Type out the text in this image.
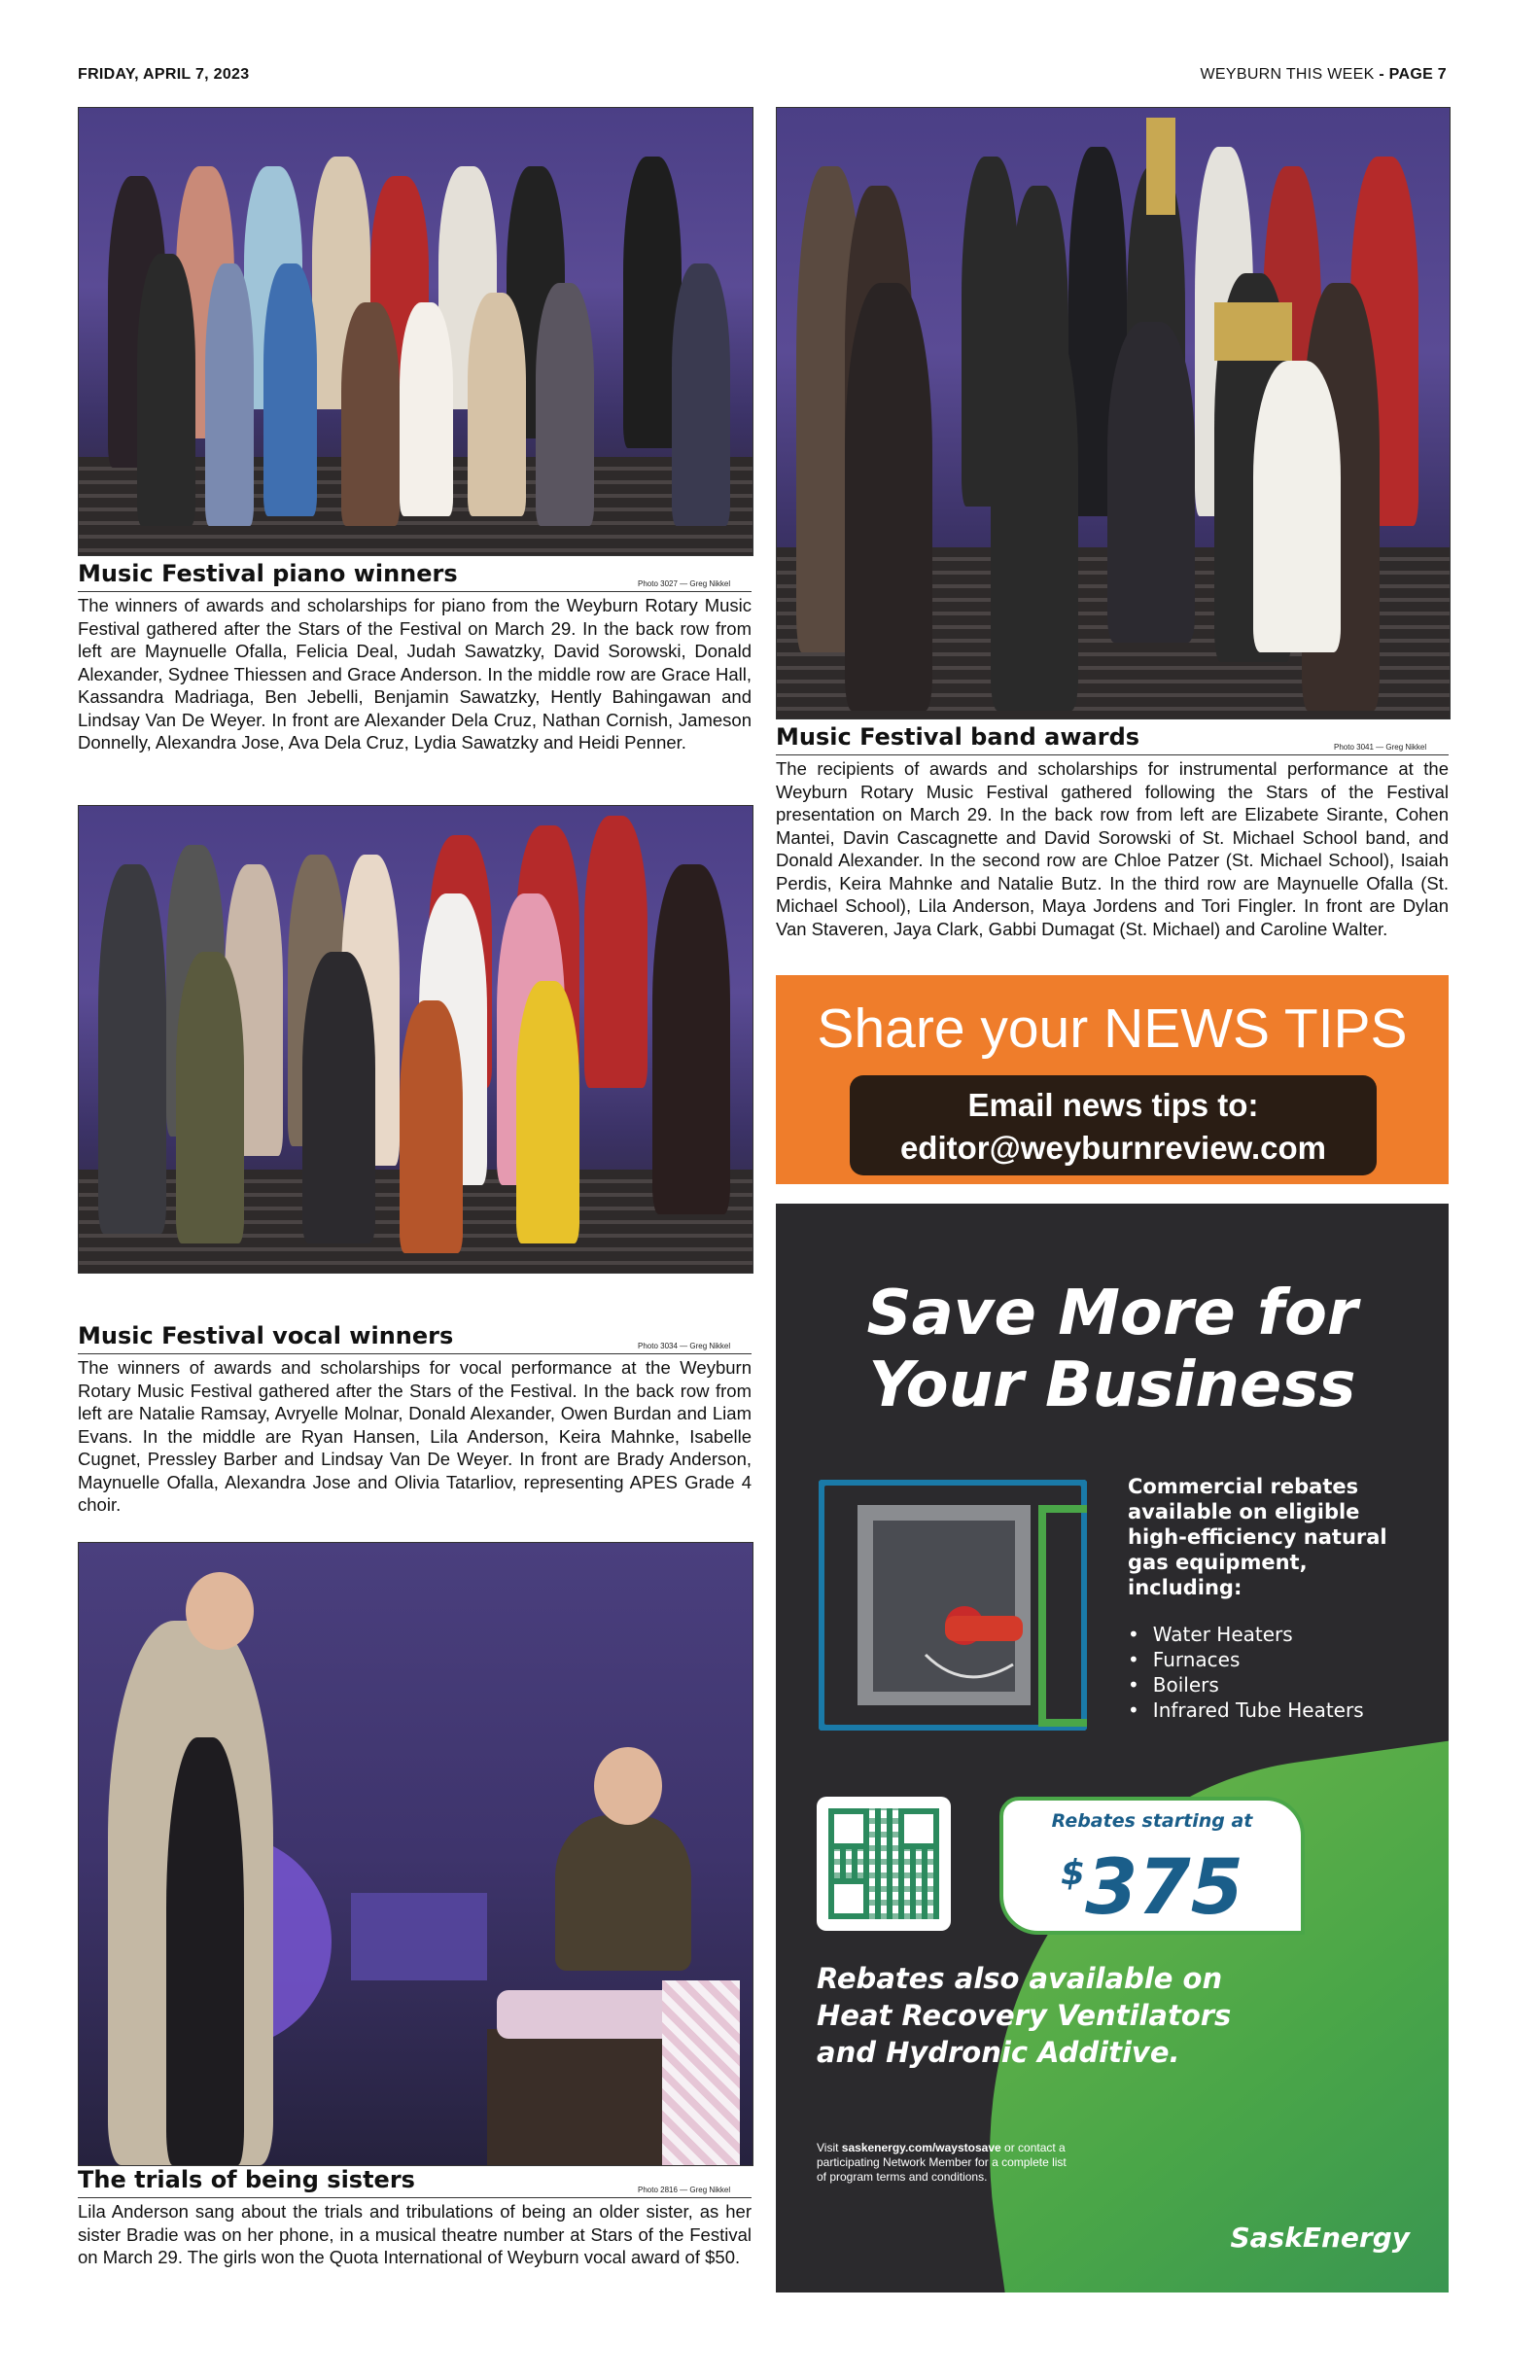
FRIDAY, APRIL 7, 2023	WEYBURN THIS WEEK - PAGE 7
Music Festival piano winners	Photo 3027 — Greg Nikkel
The winners of awards and scholarships for piano from the Weyburn Rotary Music Festival gathered after the Stars of the Festival on March 29. In the back row from left are Maynuelle Ofalla, Felicia Deal, Judah Sawatzky, David Sorowski, Donald Alexander, Sydnee Thiessen and Grace Anderson. In the middle row are Grace Hall, Kassandra Madriaga, Ben Jebelli, Benjamin Sawatzky, Hently Bahingawan and Lindsay Van De Weyer. In front are Alexander Dela Cruz, Nathan Cornish, Jameson Donnelly, Alexandra Jose, Ava Dela Cruz, Lydia Sawatzky and Heidi Penner.
Music Festival vocal winners	Photo 3034 — Greg Nikkel
The winners of awards and scholarships for vocal performance at the Weyburn Rotary Music Festival gathered after the Stars of the Festival. In the back row from left are Natalie Ramsay, Avryelle Molnar, Donald Alexander, Owen Burdan and Liam Evans. In the middle are Ryan Hansen, Lila Anderson, Keira Mahnke, Isabelle Cugnet, Pressley Barber and Lindsay Van De Weyer. In front are Brady Anderson, Maynuelle Ofalla, Alexandra Jose and Olivia Tatarliov, representing APES Grade 4 choir.
The trials of being sisters	Photo 2816 — Greg Nikkel
Lila Anderson sang about the trials and tribulations of being an older sister, as her sister Bradie was on her phone, in a musical theatre number at Stars of the Festival on March 29. The girls won the Quota International of Weyburn vocal award of $50.
Music Festival band awards	Photo 3041 — Greg Nikkel
The recipients of awards and scholarships for instrumental performance at the Weyburn Rotary Music Festival gathered following the Stars of the Festival presentation on March 29. In the back row from left are Elizabete Sirante, Cohen Mantei, Davin Cascagnette and David Sorowski of St. Michael School band, and Donald Alexander. In the second row are Chloe Patzer (St. Michael School), Isaiah Perdis, Keira Mahnke and Natalie Butz. In the third row are Maynuelle Ofalla (St. Michael School), Lila Anderson, Maya Jordens and Tori Fingler. In front are Dylan Van Staveren, Jaya Clark, Gabbi Dumagat (St. Michael) and Caroline Walter.
Share your NEWS TIPS
Email news tips to:
editor@weyburnreview.com
Save More for
Your Business
Commercial rebates available on eligible high-efficiency natural gas equipment, including:
• Water Heaters
• Furnaces
• Boilers
• Infrared Tube Heaters
Rebates starting at
$375
Rebates also available on
Heat Recovery Ventilators
and Hydronic Additive.
Visit saskenergy.com/waystosave or contact a participating Network Member for a complete list of program terms and conditions.
SaskEnergy
